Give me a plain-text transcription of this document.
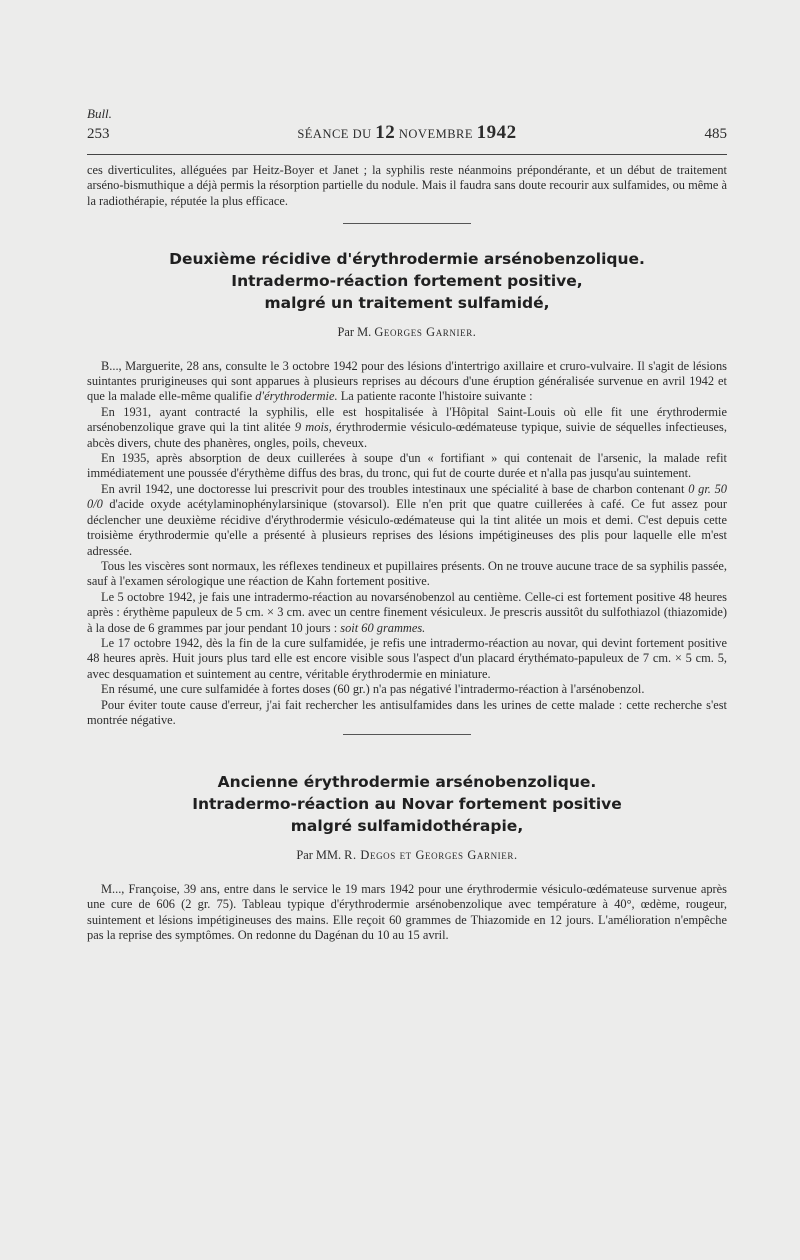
Bull.
253	SÉANCE DU 12 NOVEMBRE 1942	485

ces diverticulites, alléguées par Heitz-Boyer et Janet ; la syphilis reste néanmoins prépondérante, et un début de traitement arséno-bismuthique a déjà permis la résorption partielle du nodule. Mais il faudra sans doute recourir aux sulfamides, ou même à la radiothérapie, réputée la plus efficace.

Deuxième récidive d'érythrodermie arsénobenzolique.
Intradermo-réaction fortement positive,
malgré un traitement sulfamidé,
Par M. Georges Garnier.

B..., Marguerite, 28 ans, consulte le 3 octobre 1942 pour des lésions d'intertrigo axillaire et cruro-vulvaire. Il s'agit de lésions suintantes prurigineuses qui sont apparues à plusieurs reprises au décours d'une éruption généralisée survenue en avril 1942 et que la malade elle-même qualifie d'érythrodermie. La patiente raconte l'histoire suivante :

En 1931, ayant contracté la syphilis, elle est hospitalisée à l'Hôpital Saint-Louis où elle fit une érythrodermie arsénobenzolique grave qui la tint alitée 9 mois, érythrodermie vésiculo-œdémateuse typique, suivie de séquelles infectieuses, abcès divers, chute des phanères, ongles, poils, cheveux.

En 1935, après absorption de deux cuillerées à soupe d'un « fortifiant » qui contenait de l'arsenic, la malade refit immédiatement une poussée d'érythème diffus des bras, du tronc, qui fut de courte durée et n'alla pas jusqu'au suintement.

En avril 1942, une doctoresse lui prescrivit pour des troubles intestinaux une spécialité à base de charbon contenant 0 gr. 50 0/0 d'acide oxyde acétylaminophénylarsinique (stovarsol). Elle n'en prit que quatre cuillerées à café. Ce fut assez pour déclencher une deuxième récidive d'érythrodermie vésiculo-œdémateuse qui la tint alitée un mois et demi. C'est depuis cette troisième érythrodermie qu'elle a présenté à plusieurs reprises des lésions impétigineuses des plis pour laquelle elle m'est adressée.

Tous les viscères sont normaux, les réflexes tendineux et pupillaires présents. On ne trouve aucune trace de sa syphilis passée, sauf à l'examen sérologique une réaction de Kahn fortement positive.

Le 5 octobre 1942, je fais une intradermo-réaction au novarsénobenzol au centième. Celle-ci est fortement positive 48 heures après : érythème papuleux de 5 cm. × 3 cm. avec un centre finement vésiculeux. Je prescris aussitôt du sulfothiazol (thiazomide) à la dose de 6 grammes par jour pendant 10 jours : soit 60 grammes.

Le 17 octobre 1942, dès la fin de la cure sulfamidée, je refis une intradermo-réaction au novar, qui devint fortement positive 48 heures après. Huit jours plus tard elle est encore visible sous l'aspect d'un placard érythémato-papuleux de 7 cm. × 5 cm. 5, avec desquamation et suintement au centre, véritable érythrodermie en miniature.

En résumé, une cure sulfamidée à fortes doses (60 gr.) n'a pas négativé l'intradermo-réaction à l'arsénobenzol.

Pour éviter toute cause d'erreur, j'ai fait rechercher les antisulfamides dans les urines de cette malade : cette recherche s'est montrée négative.

Ancienne érythrodermie arsénobenzolique.
Intradermo-réaction au Novar fortement positive
malgré sulfamidothérapie,
Par MM. R. Degos et Georges Garnier.

M..., Françoise, 39 ans, entre dans le service le 19 mars 1942 pour une érythrodermie vésiculo-œdémateuse survenue après une cure de 606 (2 gr. 75). Tableau typique d'érythrodermie arsénobenzolique avec température à 40°, œdème, rougeur, suintement et lésions impétigineuses des mains. Elle reçoit 60 grammes de Thiazomide en 12 jours. L'amélioration n'empêche pas la reprise des symptômes. On redonne du Dagénan du 10 au 15 avril.
